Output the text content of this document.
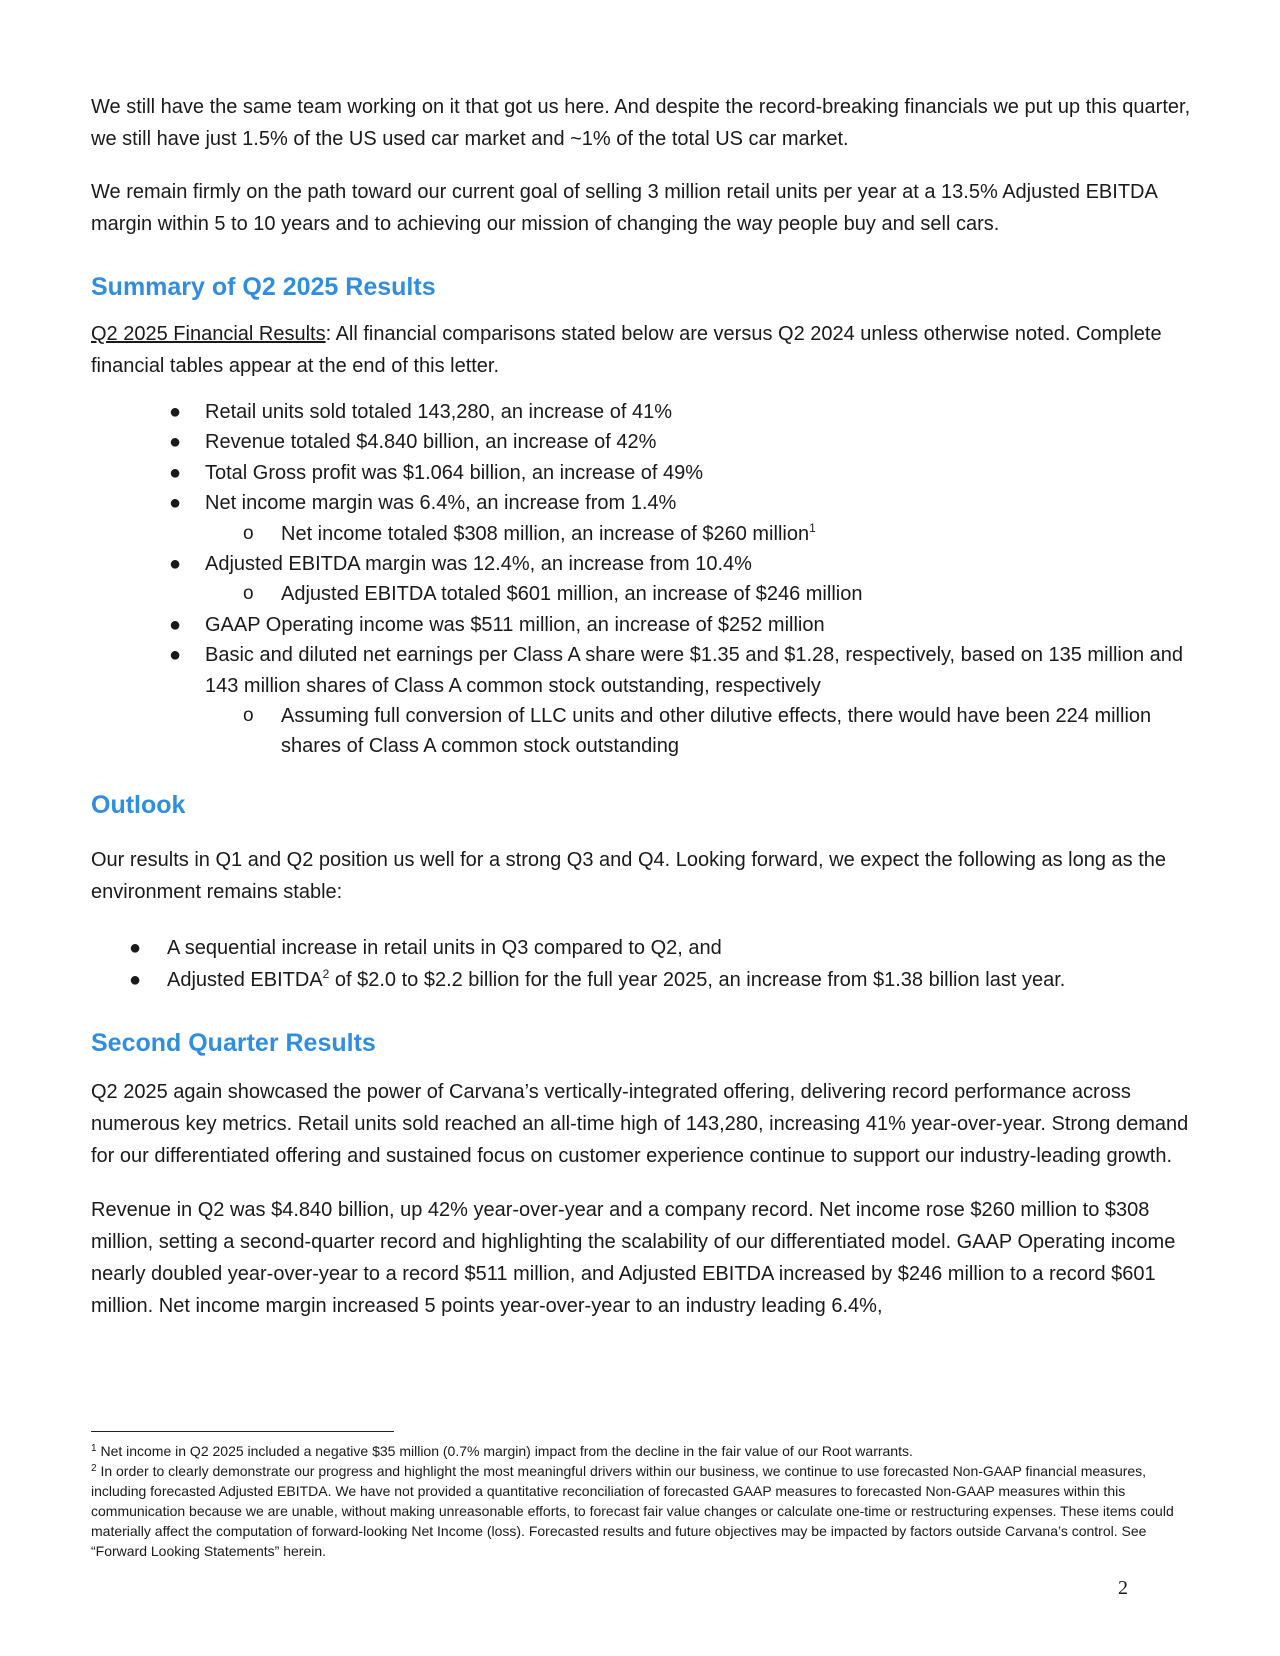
We still have the same team working on it that got us here. And despite the record-breaking financials we put up this quarter, we still have just 1.5% of the US used car market and ~1% of the total US car market.

We remain firmly on the path toward our current goal of selling 3 million retail units per year at a 13.5% Adjusted EBITDA margin within 5 to 10 years and to achieving our mission of changing the way people buy and sell cars.

Summary of Q2 2025 Results

Q2 2025 Financial Results: All financial comparisons stated below are versus Q2 2024 unless otherwise noted. Complete financial tables appear at the end of this letter.

● Retail units sold totaled 143,280, an increase of 41%
● Revenue totaled $4.840 billion, an increase of 42%
● Total Gross profit was $1.064 billion, an increase of 49%
● Net income margin was 6.4%, an increase from 1.4%
o Net income totaled $308 million, an increase of $260 million$^1$
● Adjusted EBITDA margin was 12.4%, an increase from 10.4%
o Adjusted EBITDA totaled $601 million, an increase of $246 million
● GAAP Operating income was $511 million, an increase of $252 million
● Basic and diluted net earnings per Class A share were $1.35 and $1.28, respectively, based on 135 million and 143 million shares of Class A common stock outstanding, respectively
o Assuming full conversion of LLC units and other dilutive effects, there would have been 224 million shares of Class A common stock outstanding
Outlook

Our results in Q1 and Q2 position us well for a strong Q3 and Q4. Looking forward, we expect the following as long as the environment remains stable:

● A sequential increase in retail units in Q3 compared to Q2, and
● Adjusted EBITDA$^2$ of $2.0 to $2.2 billion for the full year 2025, an increase from $1.38 billion last year.
Second Quarter Results

Q2 2025 again showcased the power of Carvana’s vertically-integrated offering, delivering record performance across numerous key metrics. Retail units sold reached an all-time high of 143,280, increasing 41% year-over-year. Strong demand for our differentiated offering and sustained focus on customer experience continue to support our industry-leading growth.

Revenue in Q2 was $4.840 billion, up 42% year-over-year and a company record. Net income rose $260 million to $308 million, setting a second-quarter record and highlighting the scalability of our differentiated model. GAAP Operating income nearly doubled year-over-year to a record $511 million, and Adjusted EBITDA increased by $246 million to a record $601 million. Net income margin increased 5 points year-over-year to an industry leading 6.4%,

$^1$ Net income in Q2 2025 included a negative $35 million (0.7% margin) impact from the decline in the fair value of our Root warrants.

$^2$ In order to clearly demonstrate our progress and highlight the most meaningful drivers within our business, we continue to use forecasted Non-GAAP financial measures, including forecasted Adjusted EBITDA. We have not provided a quantitative reconciliation of forecasted GAAP measures to forecasted Non-GAAP measures within this communication because we are unable, without making unreasonable efforts, to forecast fair value changes or calculate one-time or restructuring expenses. These items could materially affect the computation of forward-looking Net Income (loss). Forecasted results and future objectives may be impacted by factors outside Carvana’s control. See “Forward Looking Statements” herein.

2
